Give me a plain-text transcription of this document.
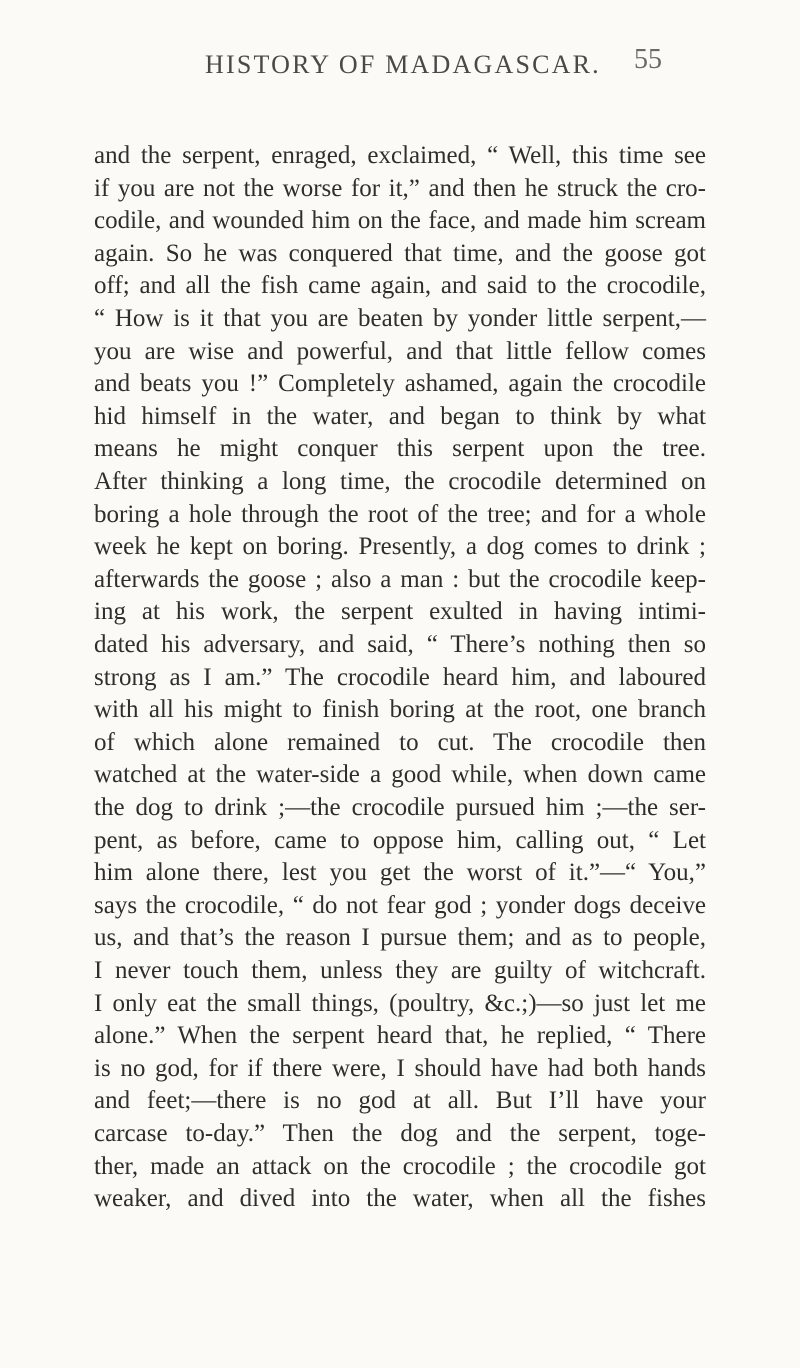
HISTORY OF MADAGASCAR. 55
and the serpent, enraged, exclaimed, “ Well, this time see
if you are not the worse for it,” and then he struck the cro-
codile, and wounded him on the face, and made him scream
again. So he was conquered that time, and the goose got
off; and all the fish came again, and said to the crocodile,
“ How is it that you are beaten by yonder little serpent,—
you are wise and powerful, and that little fellow comes
and beats you !” Completely ashamed, again the crocodile
hid himself in the water, and began to think by what
means he might conquer this serpent upon the tree.
After thinking a long time, the crocodile determined on
boring a hole through the root of the tree; and for a whole
week he kept on boring. Presently, a dog comes to drink ;
afterwards the goose ; also a man : but the crocodile keep-
ing at his work, the serpent exulted in having intimi-
dated his adversary, and said, “ There’s nothing then so
strong as I am.” The crocodile heard him, and laboured
with all his might to finish boring at the root, one branch
of which alone remained to cut. The crocodile then
watched at the water-side a good while, when down came
the dog to drink ;—the crocodile pursued him ;—the ser-
pent, as before, came to oppose him, calling out, “ Let
him alone there, lest you get the worst of it.”—“ You,”
says the crocodile, “ do not fear god ; yonder dogs deceive
us, and that’s the reason I pursue them; and as to people,
I never touch them, unless they are guilty of witchcraft.
I only eat the small things, (poultry, &c.;)—so just let me
alone.” When the serpent heard that, he replied, “ There
is no god, for if there were, I should have had both hands
and feet;—there is no god at all. But I’ll have your
carcase to-day.” Then the dog and the serpent, toge-
ther, made an attack on the crocodile ; the crocodile got
weaker, and dived into the water, when all the fishes
